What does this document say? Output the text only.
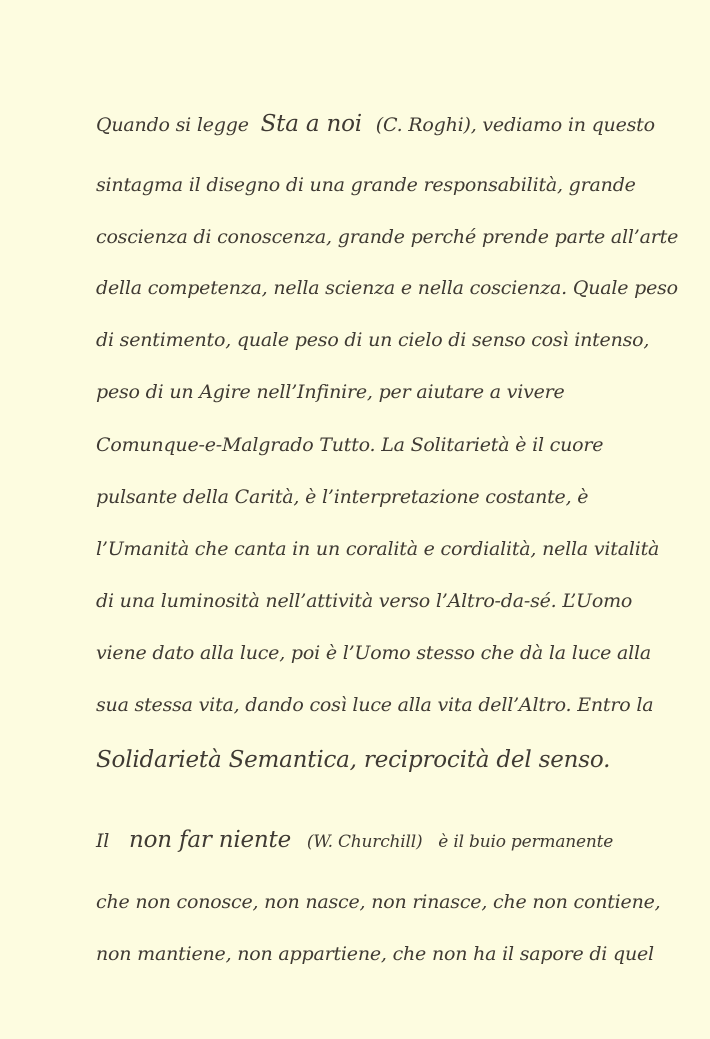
Quando si legge Sta a noi (C. Roghi), vediamo in questo
sintagma il disegno di una grande responsabilità, grande
coscienza di conoscenza, grande perché prende parte all’arte
della competenza, nella scienza e nella coscienza. Quale peso
di sentimento, quale peso di un cielo di senso così intenso,
peso di un Agire nell’Infinire, per aiutare a vivere
Comunque-e-Malgrado Tutto. La Solitarietà è il cuore
pulsante della Carità, è l’interpretazione costante, è
l’Umanità che canta in un coralità e cordialità, nella vitalità
di una luminosità nell’attività verso l’Altro-da-sé. L’Uomo
viene dato alla luce, poi è l’Uomo stesso che dà la luce alla
sua stessa vita, dando così luce alla vita dell’Altro. Entro la
Solidarietà Semantica, reciprocità del senso.
Il non far niente (W. Churchill) è il buio permanente
che non conosce, non nasce, non rinasce, che non contiene,
non mantiene, non appartiene, che non ha il sapore di quel
